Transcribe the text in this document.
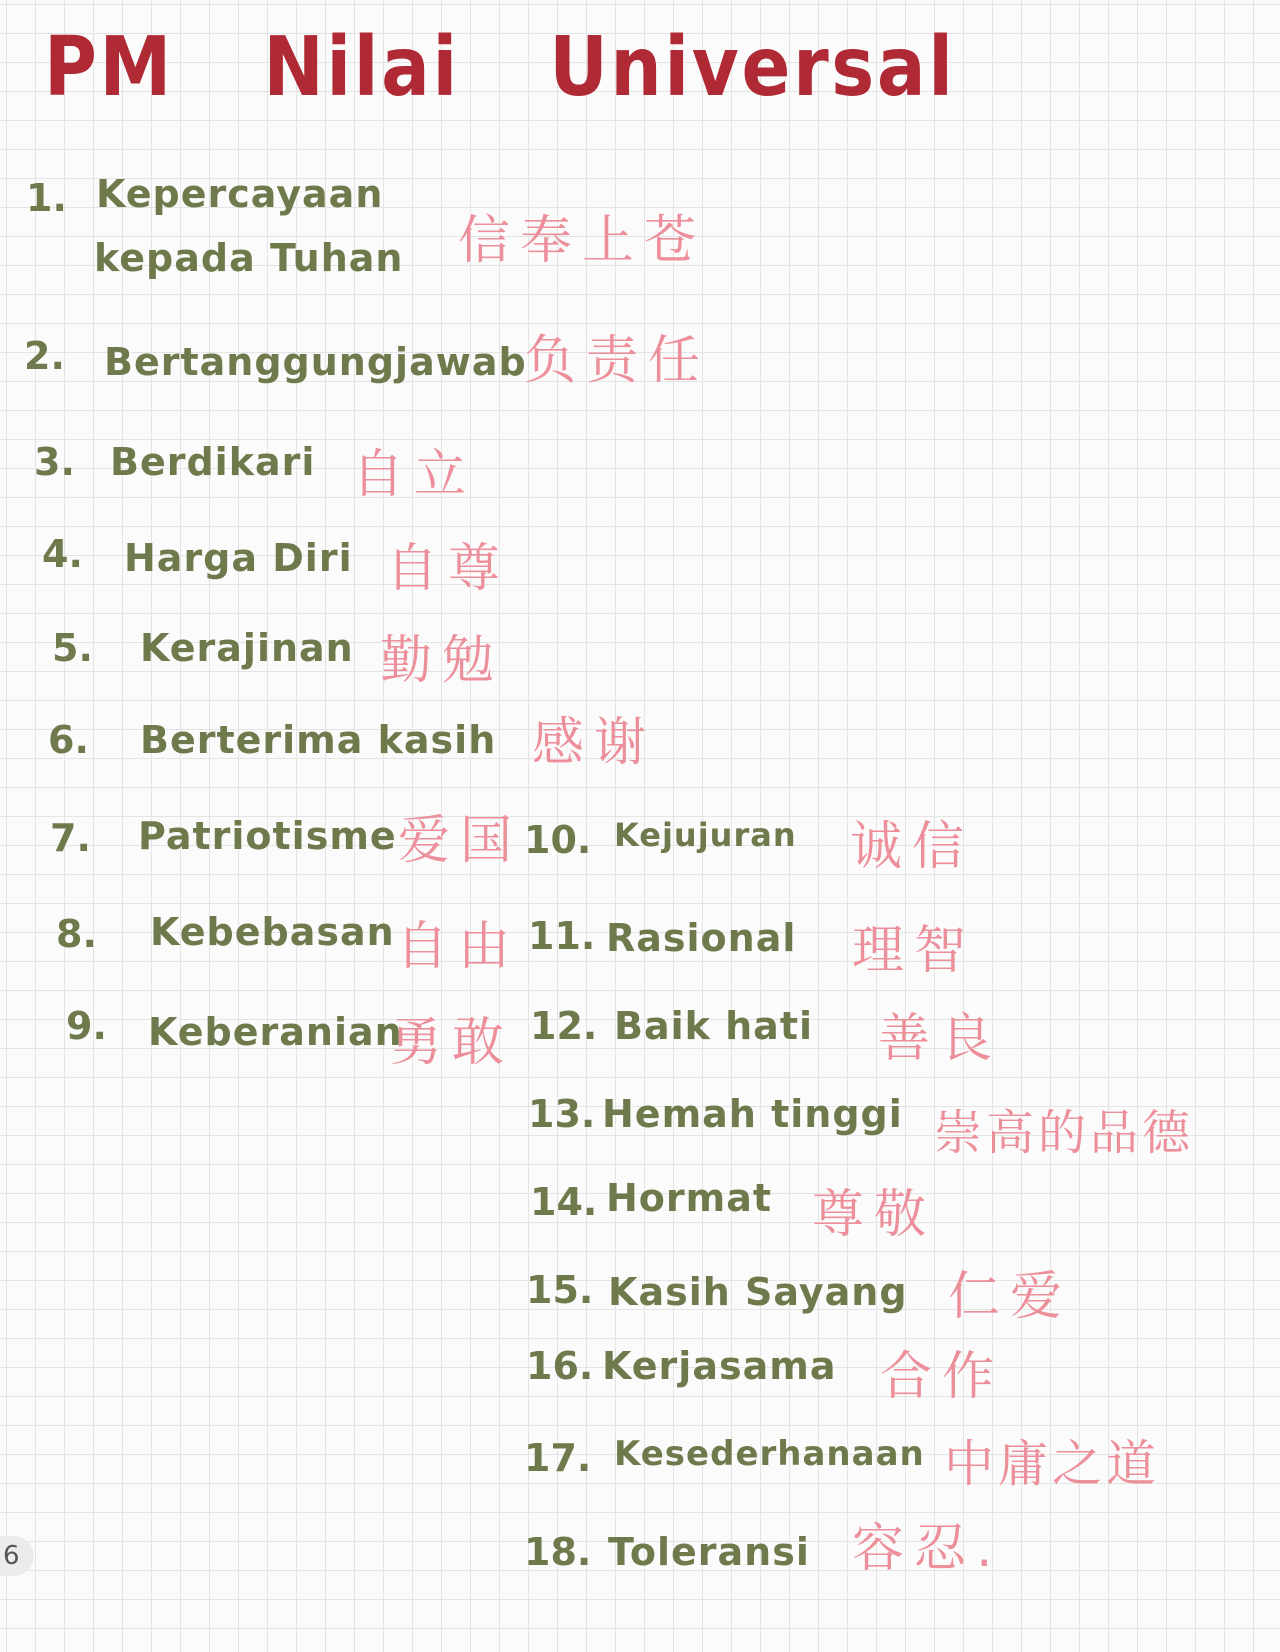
PM Nilai Universal
1. Kepercayaan
kepada Tuhan 信奉上苍
2. Bertanggungjawab
负责任
3. Berdikari 自立
4. Harga Diri 自尊
5. Kerajinan 勤勉
6. Berterima kasih 感谢
7. Patriotisme 爱国
8. Kebebasan 自由
9. Keberanian
勇敢
10. Kejujuran 诚信
11. Rasional 理智
12. Baik hati 善良
13. Hemah tinggi 崇高的品德
14. Hormat 尊敬
15. Kasih Sayang 仁爱
16. Kerjasama 合作
17. Kesederhanaan 中庸之道
18. Toleransi 容忍.
6
